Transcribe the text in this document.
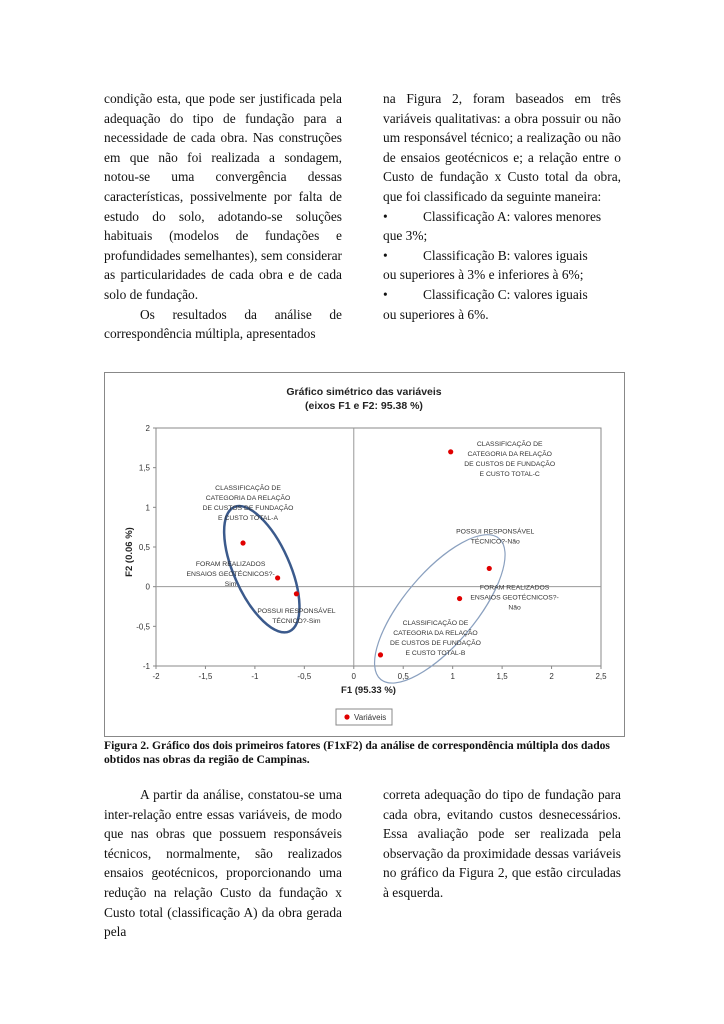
condição esta, que pode ser justificada pela adequação do tipo de fundação para a necessidade de cada obra. Nas construções em que não foi realizada a sondagem, notou-se uma convergência dessas características, possivelmente por falta de estudo do solo, adotando-se soluções habituais (modelos de fundações e profundidades semelhantes), sem considerar as particularidades de cada obra e de cada solo de fundação.

Os resultados da análise de correspondência múltipla, apresentados

na Figura 2, foram baseados em três variáveis qualitativas: a obra possuir ou não um responsável técnico; a realização ou não de ensaios geotécnicos e; a relação entre o Custo de fundação x Custo total da obra, que foi classificado da seguinte maneira:

•	Classificação A: valores menores
que 3%;
•	Classificação B: valores iguais
ou superiores à 3% e inferiores à 6%;
•	Classificação C: valores iguais
ou superiores à 6%.
Gráfico simétrico das variáveis
(eixos F1 e F2: 95.38 %)
-2	-1,5	-1	-0,5	0	0,5	1	1,5	2	2,5
-1
-0,5
0
0,5
1
1,5
2
F1 (95.33 %)
F2 (0.06 %)
CLASSIFICAÇÃO DE
CATEGORIA DA RELAÇÃO
DE CUSTOS DE FUNDAÇÃO
E CUSTO TOTAL-A
FORAM REALIZADOS
ENSAIOS GEOTÉCNICOS?-
Sim
POSSUI RESPONSÁVEL
TÉCNICO?-Sim
CLASSIFICAÇÃO DE
CATEGORIA DA RELAÇÃO
DE CUSTOS DE FUNDAÇÃO
E CUSTO TOTAL-C
POSSUI RESPONSÁVEL
TÉCNICO?-Não
FORAM REALIZADOS
ENSAIOS GEOTÉCNICOS?-
Não
CLASSIFICAÇÃO DE
CATEGORIA DA RELAÇÃO
DE CUSTOS DE FUNDAÇÃO
E CUSTO TOTAL-B
Variáveis

Figura 2. Gráfico dos dois primeiros fatores (F1xF2) da análise de correspondência múltipla dos dados obtidos nas obras da região de Campinas.

A partir da análise, constatou-se uma inter-relação entre essas variáveis, de modo que nas obras que possuem responsáveis técnicos, normalmente, são realizados ensaios geotécnicos, proporcionando uma redução na relação Custo da fundação x Custo total (classificação A) da obra gerada pela

correta adequação do tipo de fundação para cada obra, evitando custos desnecessários. Essa avaliação pode ser realizada pela observação da proximidade dessas variáveis no gráfico da Figura 2, que estão circuladas à esquerda.
